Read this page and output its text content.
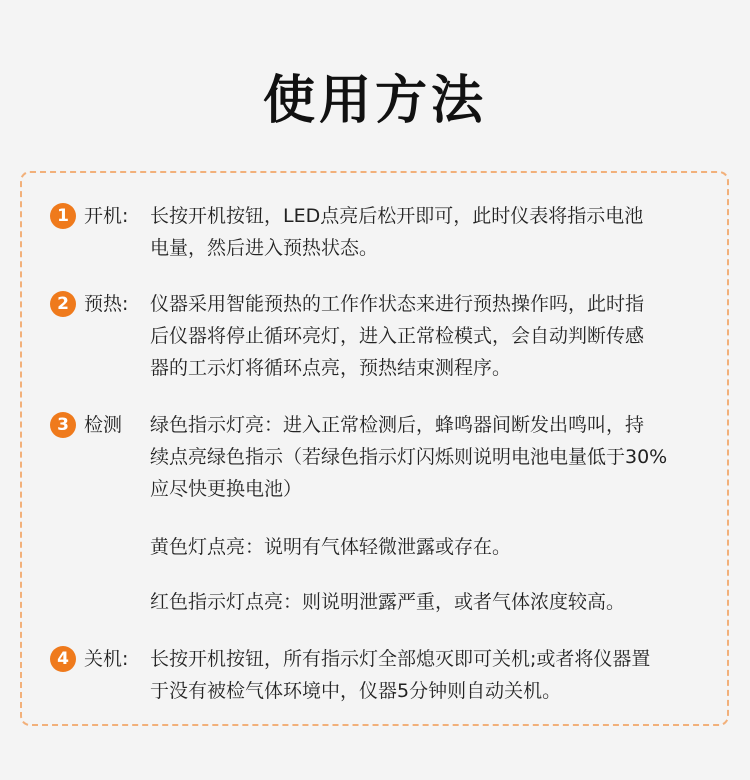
使用方法
1 开机: 长按开机按钮，LED点亮后松开即可，此时仪表将指示电池
电量，然后进入预热状态。
2 预热: 仪器采用智能预热的工作作状态来进行预热操作吗，此时指
后仪器将停止循环亮灯，进入正常检模式，会自动判断传感
器的工示灯将循环点亮，预热结束测程序。
3 检测 绿色指示灯亮：进入正常检测后，蜂鸣器间断发出鸣叫，持
续点亮绿色指示（若绿色指示灯闪烁则说明电池电量低于30%
应尽快更换电池）
黄色灯点亮：说明有气体轻微泄露或存在。
红色指示灯点亮：则说明泄露严重，或者气体浓度较高。
4 关机: 长按开机按钮，所有指示灯全部熄灭即可关机;或者将仪器置
于没有被检气体环境中，仪器5分钟则自动关机。
